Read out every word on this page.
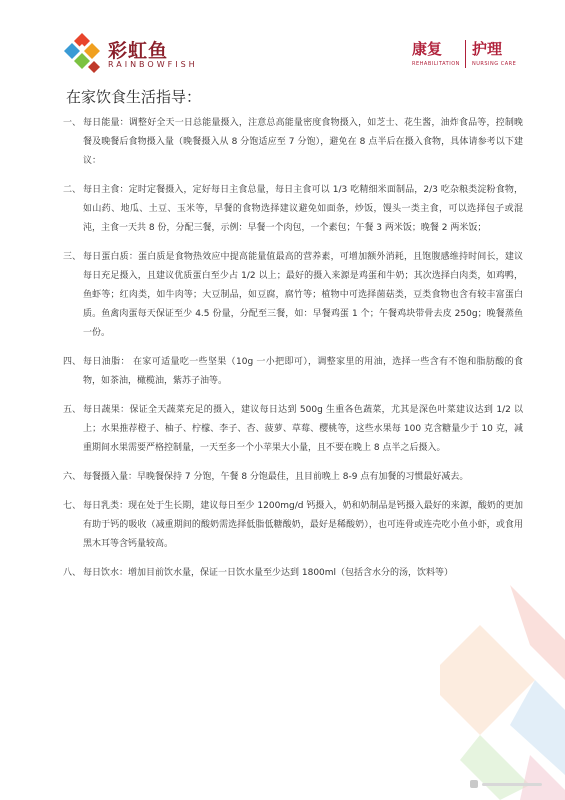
彩虹鱼
RAINBOWFISH
康复 护理
REHABILITATION NURSING CARE
在家饮食生活指导：
一、 每日能量：调整好全天一日总能量摄入，注意总高能量密度食物摄入，如芝士、花生酱，油炸食品等，控制晚餐及晚餐后食物摄入量（晚餐摄入从 8 分饱适应至 7 分饱），避免在 8 点半后在摄入食物，具体请参考以下建议：
二、 每日主食：定时定餐摄入，定好每日主食总量，每日主食可以 1/3 吃精细米面制品，2/3 吃杂粮类淀粉食物，如山药、地瓜、土豆、玉米等，早餐的食物选择建议避免如面条，炒饭，馒头一类主食，可以选择包子或混沌，主食一天共 8 份，分配三餐，示例：早餐一个肉包，一个素包；午餐 3 两米饭；晚餐 2 两米饭；
三、 每日蛋白质：蛋白质是食物热效应中提高能量值最高的营养素，可增加额外消耗，且饱腹感维持时间长，建议每日充足摄入，且建议优质蛋白至少占 1/2 以上；最好的摄入来源是鸡蛋和牛奶；其次选择白肉类，如鸡鸭，鱼虾等；红肉类，如牛肉等；大豆制品，如豆腐，腐竹等；植物中可选择菌菇类，豆类食物也含有较丰富蛋白质。鱼禽肉蛋每天保证至少 4.5 份量，分配至三餐，如：早餐鸡蛋 1 个；午餐鸡块带骨去皮 250g；晚餐蒸鱼一份。
四、 每日油脂： 在家可适量吃一些坚果（10g 一小把即可），调整家里的用油，选择一些含有不饱和脂肪酸的食物，如茶油，橄榄油，紫苏子油等。
五、 每日蔬果：保证全天蔬菜充足的摄入，建议每日达到 500g 生重各色蔬菜，尤其是深色叶菜建议达到 1/2 以上；水果推荐橙子、柚子、柠檬、李子、杏、菠萝、草莓、樱桃等，这些水果每 100 克含糖量少于 10 克，减重期间水果需要严格控制量，一天至多一个小苹果大小量，且不要在晚上 8 点半之后摄入。
六、 每餐摄入量：早晚餐保持 7 分饱，午餐 8 分饱最佳，且目前晚上 8-9 点有加餐的习惯最好减去。
七、 每日乳类：现在处于生长期，建议每日至少 1200mg/d 钙摄入，奶和奶制品是钙摄入最好的来源，酸奶的更加有助于钙的吸收（减重期间的酸奶需选择低脂低糖酸奶，最好是稀酸奶），也可连骨或连壳吃小鱼小虾，或食用黑木耳等含钙量较高。
八、 每日饮水：增加目前饮水量，保证一日饮水量至少达到 1800ml（包括含水分的汤，饮料等）
